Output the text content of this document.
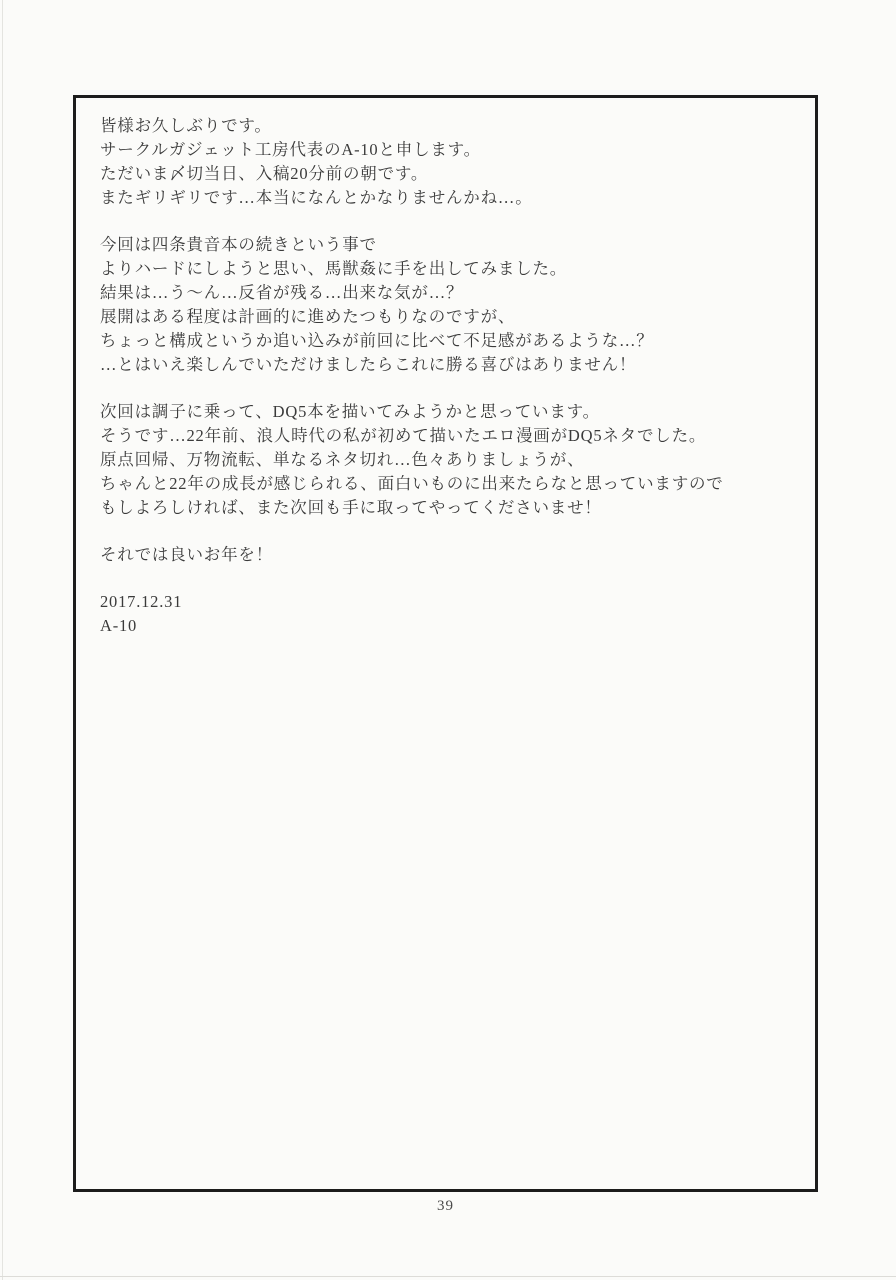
皆様お久しぶりです。
サークルガジェット工房代表のA-10と申します。
ただいま〆切当日、入稿20分前の朝です。
またギリギリです…本当になんとかなりませんかね…。
今回は四条貴音本の続きという事で
よりハードにしようと思い、馬獣姦に手を出してみました。
結果は…う～ん…反省が残る…出来な気が…？
展開はある程度は計画的に進めたつもりなのですが、
ちょっと構成というか追い込みが前回に比べて不足感があるような…？
…とはいえ楽しんでいただけましたらこれに勝る喜びはありません！
次回は調子に乗って、DQ5本を描いてみようかと思っています。
そうです…22年前、浪人時代の私が初めて描いたエロ漫画がDQ5ネタでした。
原点回帰、万物流転、単なるネタ切れ…色々ありましょうが、
ちゃんと22年の成長が感じられる、面白いものに出来たらなと思っていますので
もしよろしければ、また次回も手に取ってやってくださいませ！
それでは良いお年を！
2017.12.31
A-10
39
